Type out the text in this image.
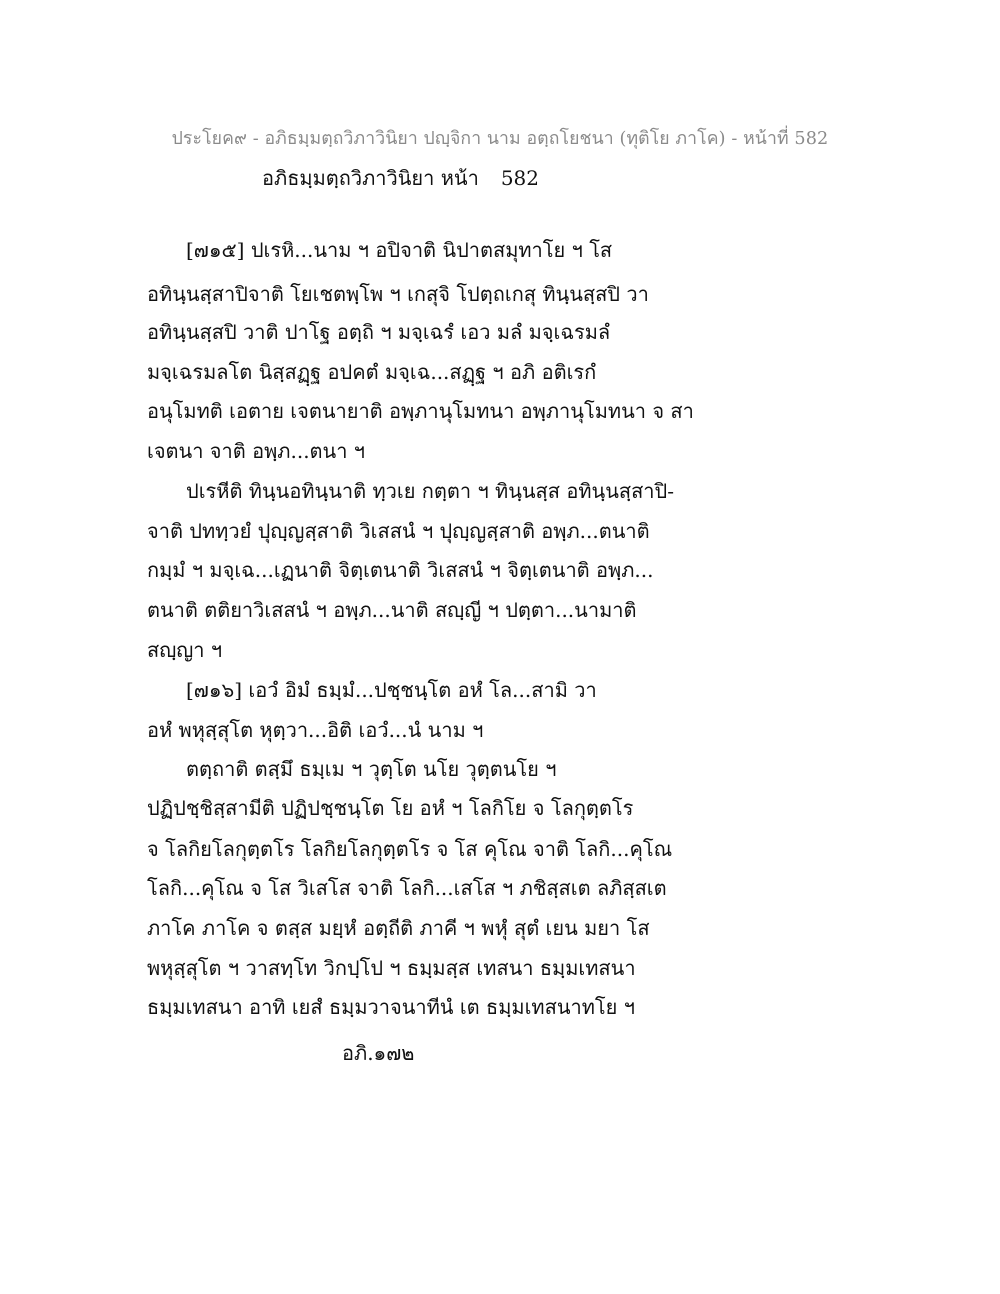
ประโยค๙ - อภิธมฺมตฺถวิภาวินิยา ปญฺจิกา นาม อตฺถโยชนา (ทุติโย ภาโค) - หน้าที่ 582
อภิธมฺมตฺถวิภาวินิยา หน้า 582
[๗๑๕] ปเรหิ...นาม ฯ อปิจาติ นิปาตสมุทาโย ฯ โส
อทินฺนสฺสาปิจาติ โยเชตพฺโพ ฯ เกสุจิ โปตฺถเกสุ ทินฺนสฺสปิ วา
อทินฺนสฺสปิ วาติ ปาโฐ อตฺถิ ฯ มจฺเฉรํ เอว มลํ มจฺเฉรมลํ
มจฺเฉรมลโต นิสฺสฏฺฐ อปคตํ มจฺเฉ...สฏฺฐ ฯ อภิ อติเรกํ
อนุโมทติ เอตาย เจตนายาติ อพฺภานุโมทนา อพฺภานุโมทนา จ สา
เจตนา จาติ อพฺภ...ตนา ฯ
ปเรหีติ ทินฺนอทินฺนาติ ทฺวเย กตฺตา ฯ ทินฺนสฺส อทินฺนสฺสาปิ-
จาติ ปททฺวยํ ปุญฺญสฺสาติ วิเสสนํ ฯ ปุญฺญสฺสาติ อพฺภ...ตนาติ
กมฺมํ ฯ มจฺเฉ...เฏนาติ จิตฺเตนาติ วิเสสนํ ฯ จิตฺเตนาติ อพฺภ...
ตนาติ ตติยาวิเสสนํ ฯ อพฺภ...นาติ สญฺญี ฯ ปตฺตา...นามาติ
สญฺญา ฯ
[๗๑๖] เอวํ อิมํ ธมฺมํ...ปชฺชนฺโต อหํ โล...สามิ วา
อหํ พหุสฺสุโต หุตฺวา...อิติ เอวํ...นํ นาม ฯ
ตตฺถาติ ตสฺมึ ธมฺเม ฯ วุตฺโต นโย วุตฺตนโย ฯ
ปฏิปชฺชิสฺสามีติ ปฏิปชฺชนฺโต โย อหํ ฯ โลกิโย จ โลกุตฺตโร
จ โลกิยโลกุตฺตโร โลกิยโลกุตฺตโร จ โส คุโณ จาติ โลกิ...คุโณ
โลกิ...คุโณ จ โส วิเสโส จาติ โลกิ...เสโส ฯ ภชิสฺสเต ลภิสฺสเต
ภาโค ภาโค จ ตสฺส มยฺหํ อตฺถีติ ภาคี ฯ พหุํ สุตํ เยน มยา โส
พหุสฺสุโต ฯ วาสทฺโท วิกปฺโป ฯ ธมฺมสฺส เทสนา ธมฺมเทสนา
ธมฺมเทสนา อาทิ เยสํ ธมฺมวาจนาทีนํ เต ธมฺมเทสนาทโย ฯ
อภิ.๑๗๒
